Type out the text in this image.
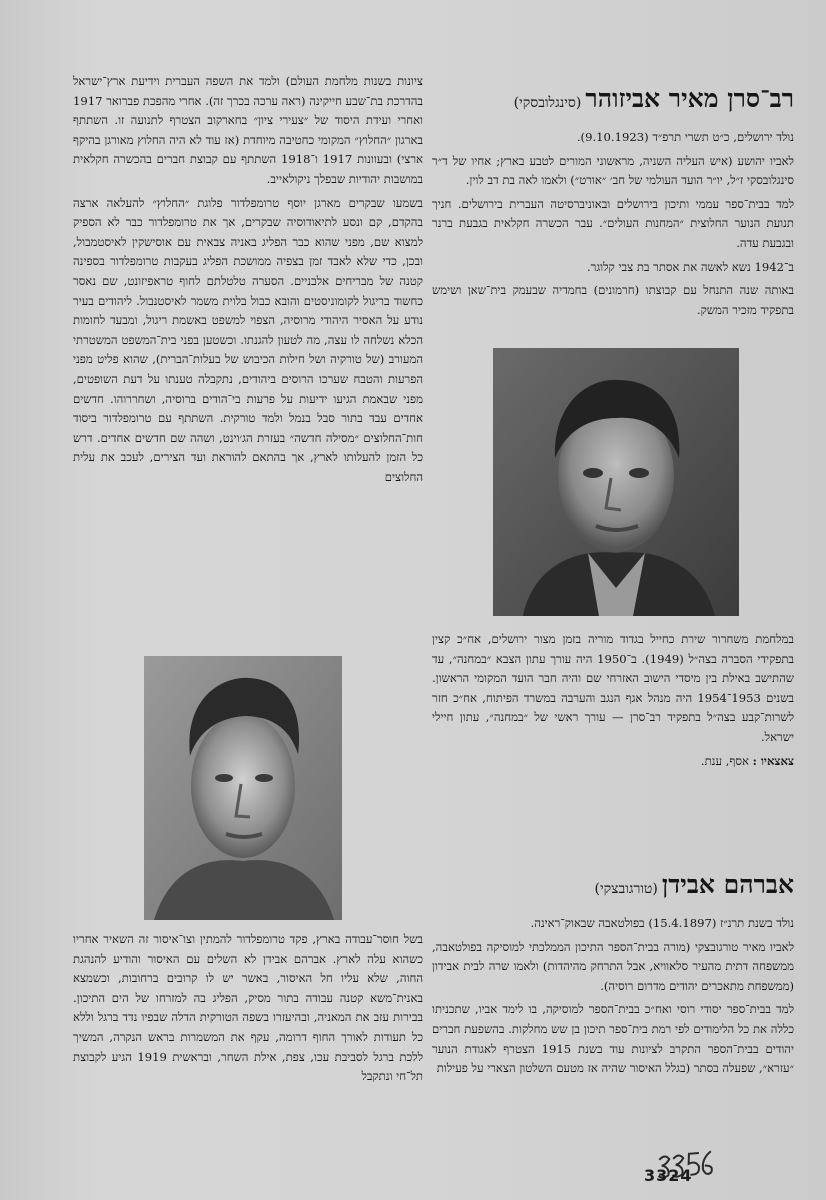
רב־סרן מאיר אביזוהר (סינגלובסקי)

נולד ירושלים, כ״ט תשרי תרפ״ד (9.10.1923).

לאביו יהושע (איש העליה השניה, מראשוני המורים לטבע בארץ; אחיו של ד״ר סינגלובסקי ז״ל, יו״ר הועד העולמי של חב׳ ״אורט״) ולאמו לאה בת דב לוין.

למד בבית־ספר עממי ותיכון בירושלים ובאוניברסיטה העברית בירושלים. חניך תנועת הנוער החלוצית ״המחנות העולים״. עבר הכשרה חקלאית בגבעת ברנר ובגבעת עדה.

ב־1942 נשא לאשה את אסתר בת צבי קלוגר.

באותה שנה התנחל עם קבוצתו (חרמונים) בחמדיה שבעמק בית־שאן ושימש בתפקיד מזכיר המשק.

במלחמת משחרור שירת כחייל בגדוד מוריה בזמן מצור ירושלים, אח״כ קצין בתפקידי הסברה בצה״ל (1949). ב־1950 היה עורך עתון הצבא ״במחנה״, עד שהתישב באילת בין מיסדי הישוב האזרחי שם והיה חבר הועד המקומי הראשון. בשנים 1953־1954 היה מנהל אגף הנגב והערבה במשרד הפיתוח, אח״כ חזר לשרות־קבע בצה״ל בתפקיד רב־סרן — עורך ראשי של ״במחנה״, עתון חיילי ישראל.

צאצאיו : אסף, ענת.

אברהם אבידן (טורגובצקי)

נולד בשנת תרנ״ז (15.4.1897) בפולטאבה שבאוק־ראינה.

לאביו מאיר טורגובצקי (מורה בבית־הספר התיכון הממלכתי למוסיקה בפולטאבה, ממשפחה דתית מהעיר סלאוויא, אבל התרחק מהיהדות) ולאמו שרה לבית אבידון (ממשפחת מתאכרים יהודים מדרום רוסיה).

למד בבית־ספר יסודי רוסי ואח״כ בבית־הספר למוסיקה, בו לימד אביו, שתכניתו כללה את כל הלימודים לפי רמת בית־ספר תיכון בן שש מחלקות. בהשפעת חברים יהודים בבית־הספר התקרב לציונות עוד בשנת 1915 הצטרף לאגודת הנוער ״עזרא״, שפעלה בסתר (בגלל האיסור שהיה אז מטעם השלטון הצארי על פעילות

ציונות בשנות מלחמת העולם) ולמד את השפה העברית וידיעת ארץ־ישראל בהדרכת בת־שבע חייקינה (ראה ערכה בכרך זה). אחרי מהפכת פברואר 1917 ואחרי ועידת היסוד של ״צעירי ציון״ בחארקוב הצטרף לתנועה זו. השתתף בארגון ״החלוץ״ המקומי כחטיבה מיוחדת (אז עוד לא היה החלוץ מאורגן בהיקף ארצי) ובעוונות 1917 ו־1918 השתתף עם קבוצת חברים בהכשרה חקלאית במושבות יהודיות שבפלך ניקולאייב.

בשמעו שבקרים מארגן יוסף טרומפלדור פלוגת ״החלוץ״ להעלאה ארצה בהקדם, קם ונסע לתיאודוסיה שבקרים, אך את טרומפלדור כבר לא הספיק למצוא שם, מפני שהוא כבר הפליג באניה צבאית עם אוסישקין לאיסטמבול, ובכן, כדי שלא לאבד זמן בצפיה ממושכת הפליג בעקבות טרומפלדור בספינה קטנה של מבריחים אלבניים. הסערה טלטלתם לחוף טראפיזונט, שם נאסר כחשוד בריגול לקומוניסטים והובא כבול בלוית משמר לאיסטנבול. ליהודים בעיר נודע על האסיר היהודי מרוסיה, הצפוי למשפט באשמת ריגול, ומבעד לחומות הכלא נשלחה לו עצה, מה לטעון להגנתו. וכשטען בפני בית־המשפט המשטרתי המעורב (של טורקיה ושל חילות הכיבוש של בעלות־הברית), שהוא פליט מפני הפרעות והטבח שערכו הרוסים ביהודים, נתקבלה טענתו על דעת השופטים, מפני שבאמת הגיעו ידיעות על פרעות בי־הודים ברוסיה, ושחררוהו. חדשים אחדים עבד בתור סבל בנמל ולמד טורקית. השתתף עם טרומפלדור ביסוד חות־החלוצים ״מסילה חדשה״ בעזרת הג׳וינט, ושהה שם חדשים אחדים. דרש כל הזמן להעלותו לארץ, אך בהתאם להוראת ועד הצירים, לעכב את עלית החלוצים

בשל חוסר־עבודה בארץ, פקד טרומפלדור להמתין וצו־איסור זה השאיר אחריו כשהוא עלה לארץ. אברהם אבידן לא השלים עם האיסור והודיע להנהגת החוה, שלא עליו חל האיסור, באשר יש לו קרובים ברחובות, וכשמצא באנית־משא קטנה עבודה בתור מסיק, הפליג בה למזרחו של הים התיכון. בבירות עזב את המאניה, ובהיעזרו בשפה הטורקית הדלה שבפיו נדד ברגל וללא כל תעודות לאורך החוף דרומה, עקף את המשמרות בראש הנקרה, המשיך ללכת ברגל לסביבת עכו, צפת, אילת השחר, ובראשית 1919 הגיע לקבוצת תל־חי ונתקבל

3324
